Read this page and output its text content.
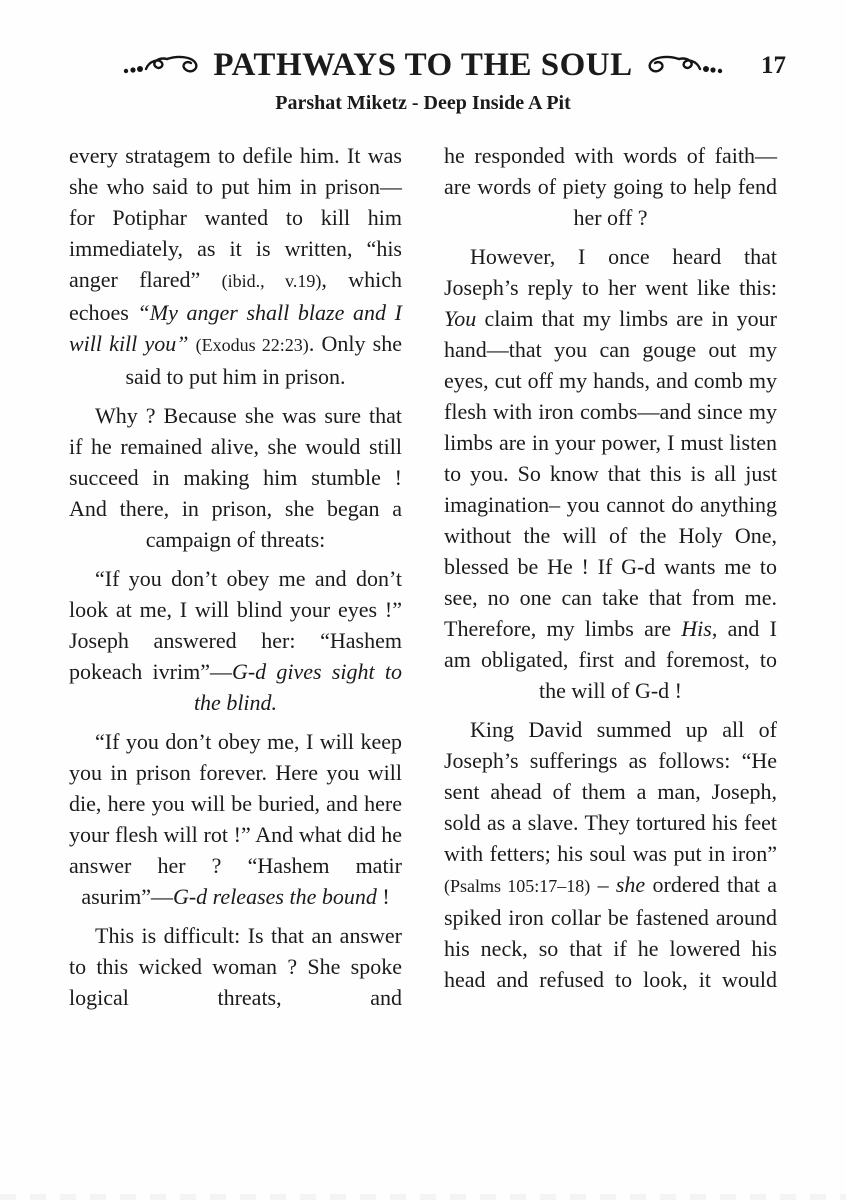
PATHWAYS TO THE SOUL	17
Parshat Miketz - Deep Inside A Pit

every stratagem to defile him. It was she who said to put him in prison—for Potiphar wanted to kill him immediately, as it is written, “his anger flared” (ibid., v.19), which echoes “My anger shall blaze and I will kill you” (Exodus 22:23). Only she said to put him in prison.

Why ? Because she was sure that if he remained alive, she would still succeed in making him stumble ! And there, in prison, she began a campaign of threats:

“If you don’t obey me and don’t look at me, I will blind your eyes !” Joseph answered her: “Hashem pokeach ivrim”—G-d gives sight to the blind.

“If you don’t obey me, I will keep you in prison forever. Here you will die, here you will be buried, and here your flesh will rot !” And what did he answer her ? “Hashem matir asurim”—G-d releases the bound !

This is difficult: Is that an answer to this wicked woman ? She spoke logical threats, and

he responded with words of faith—are words of piety going to help fend her off ?

However, I once heard that Joseph’s reply to her went like this: You claim that my limbs are in your hand—that you can gouge out my eyes, cut off my hands, and comb my flesh with iron combs—and since my limbs are in your power, I must listen to you. So know that this is all just imagination– you cannot do anything without the will of the Holy One, blessed be He ! If G-d wants me to see, no one can take that from me. Therefore, my limbs are His, and I am obligated, first and foremost, to the will of G-d !

King David summed up all of Joseph’s sufferings as follows: “He sent ahead of them a man, Joseph, sold as a slave. They tortured his feet with fetters; his soul was put in iron” (Psalms 105:17–18) – she ordered that a spiked iron collar be fastened around his neck, so that if he lowered his head and refused to look, it would
